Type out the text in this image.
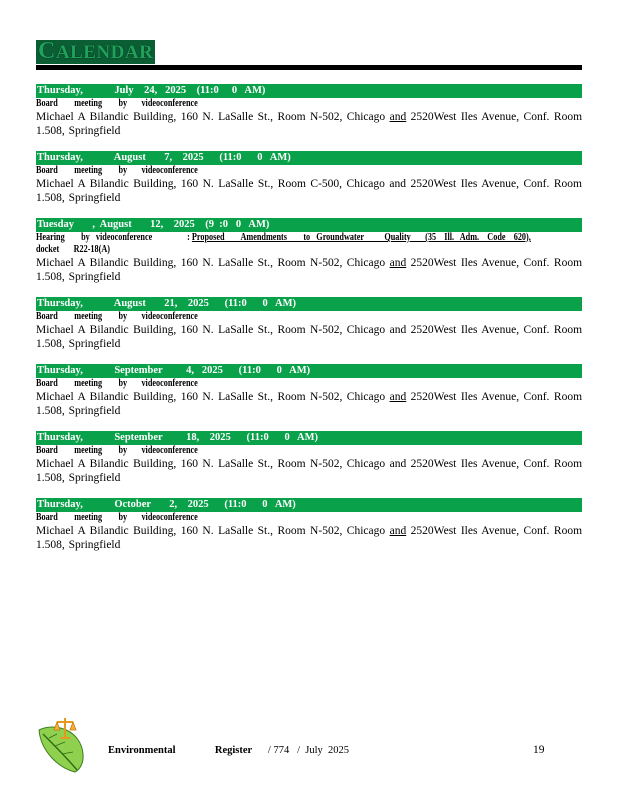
CALENDAR
Thursday,            July    24,   2025    (11:0     0   AM)
Board        meeting        by       videoconference
Michael A Bilandic Building, 160 N. LaSalle St., Room N-502, Chicago and 2520West Iles Avenue, Conf. Room 1.508, Springfield
Thursday,            August       7,    2025      (11:0      0   AM)
Board        meeting        by       videoconference
Michael A Bilandic Building, 160 N. LaSalle St., Room C-500, Chicago and 2520West Iles Avenue, Conf. Room 1.508, Springfield
Tuesday       ,  August       12,    2025    (9  :0   0   AM)
Hearing        by   videoconference                 : Proposed        Amendments        to   Groundwater          Quality       (35    Ill.   Adm.    Code    620),
docket       R22-18(A)
Michael A Bilandic Building, 160 N. LaSalle St., Room N-502, Chicago and 2520West Iles Avenue, Conf. Room 1.508, Springfield
Thursday,            August       21,    2025      (11:0      0   AM)
Board        meeting        by       videoconference
Michael A Bilandic Building, 160 N. LaSalle St., Room N-502, Chicago and 2520West Iles Avenue, Conf. Room 1.508, Springfield
Thursday,            September         4,   2025      (11:0      0   AM)
Board        meeting        by       videoconference
Michael A Bilandic Building, 160 N. LaSalle St., Room N-502, Chicago and 2520West Iles Avenue, Conf. Room 1.508, Springfield
Thursday,            September         18,    2025      (11:0      0   AM)
Board        meeting        by       videoconference
Michael A Bilandic Building, 160 N. LaSalle St., Room N-502, Chicago and 2520West Iles Avenue, Conf. Room 1.508, Springfield
Thursday,            October       2,    2025      (11:0      0   AM)
Board        meeting        by       videoconference
Michael A Bilandic Building, 160 N. LaSalle St., Room N-502, Chicago and 2520West Iles Avenue, Conf. Room 1.508, Springfield
Environmental               Register      / 774   /  July  2025	19
